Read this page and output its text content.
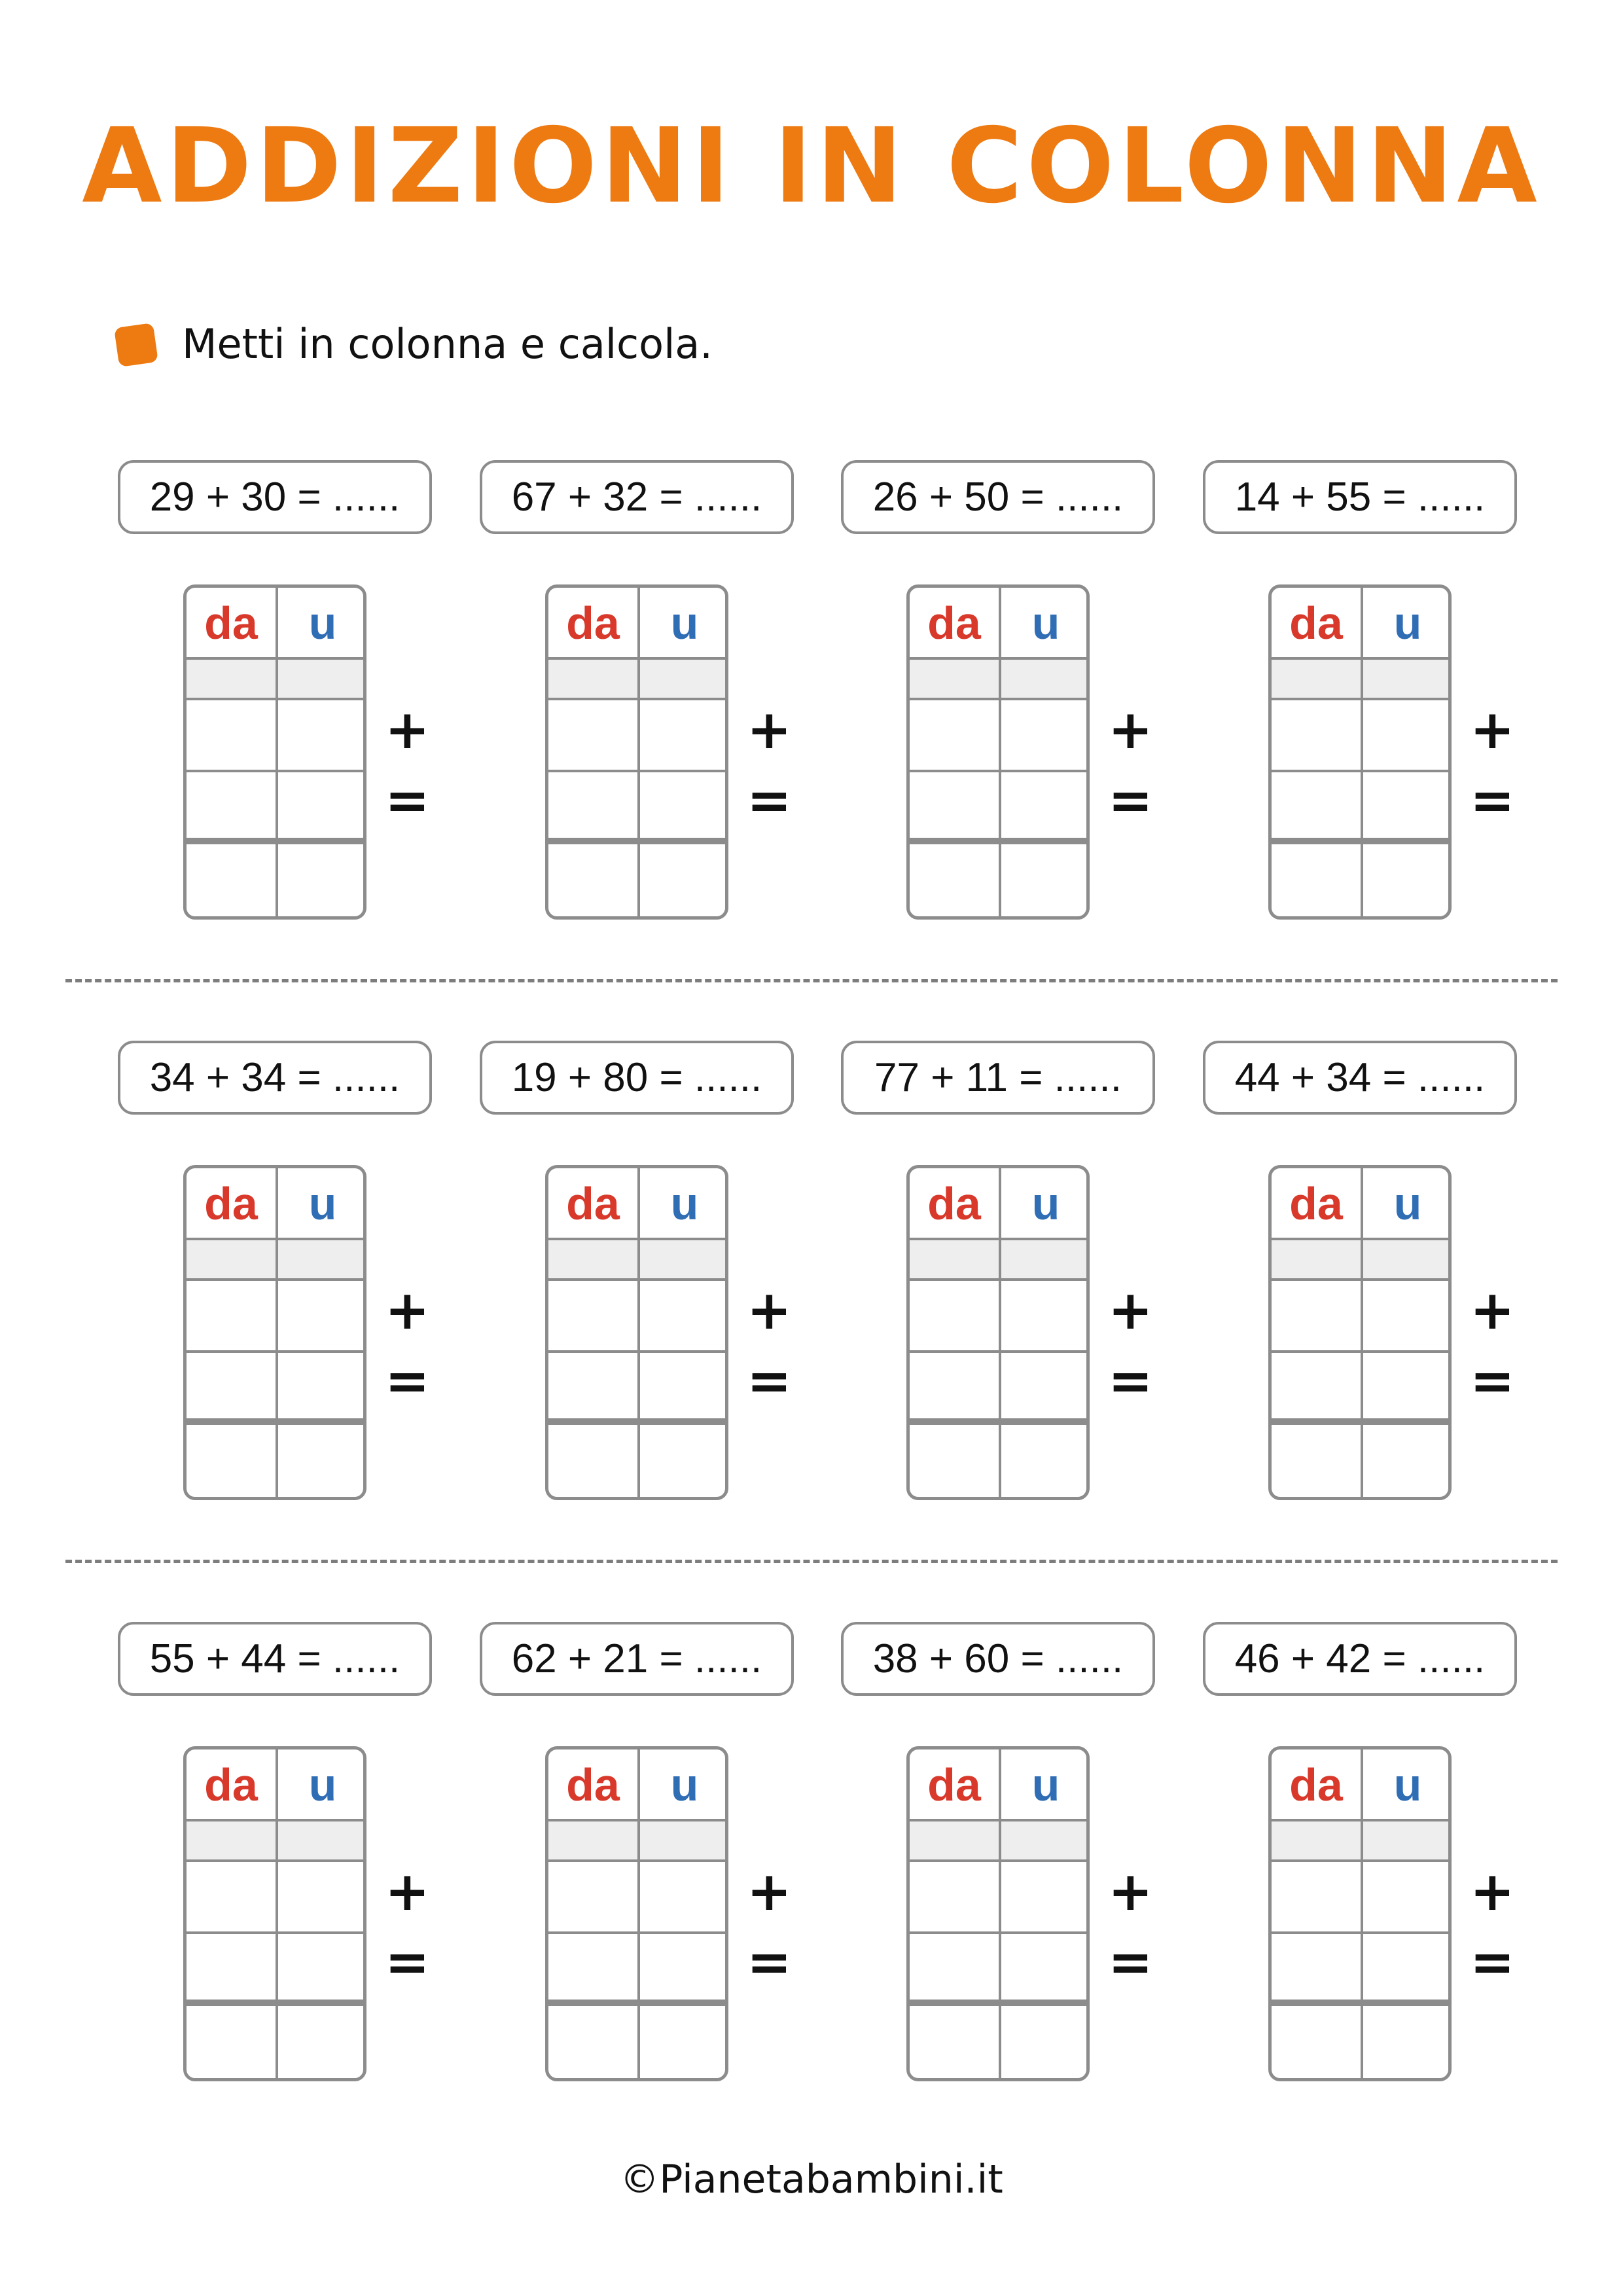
ADDIZIONI IN COLONNA
Metti in colonna e calcola.
29 + 30 = ......
da	u
+
=
67 + 32 = ......
da	u
+
=
26 + 50 = ......
da	u
+
=
14 + 55 = ......
da	u
+
=
34 + 34 = ......
da	u
+
=
19 + 80 = ......
da	u
+
=
77 + 11 = ......
da	u
+
=
44 + 34 = ......
da	u
+
=
55 + 44 = ......
da	u
+
=
62 + 21 = ......
da	u
+
=
38 + 60 = ......
da	u
+
=
46 + 42 = ......
da	u
+
=
©Pianetabambini.it
